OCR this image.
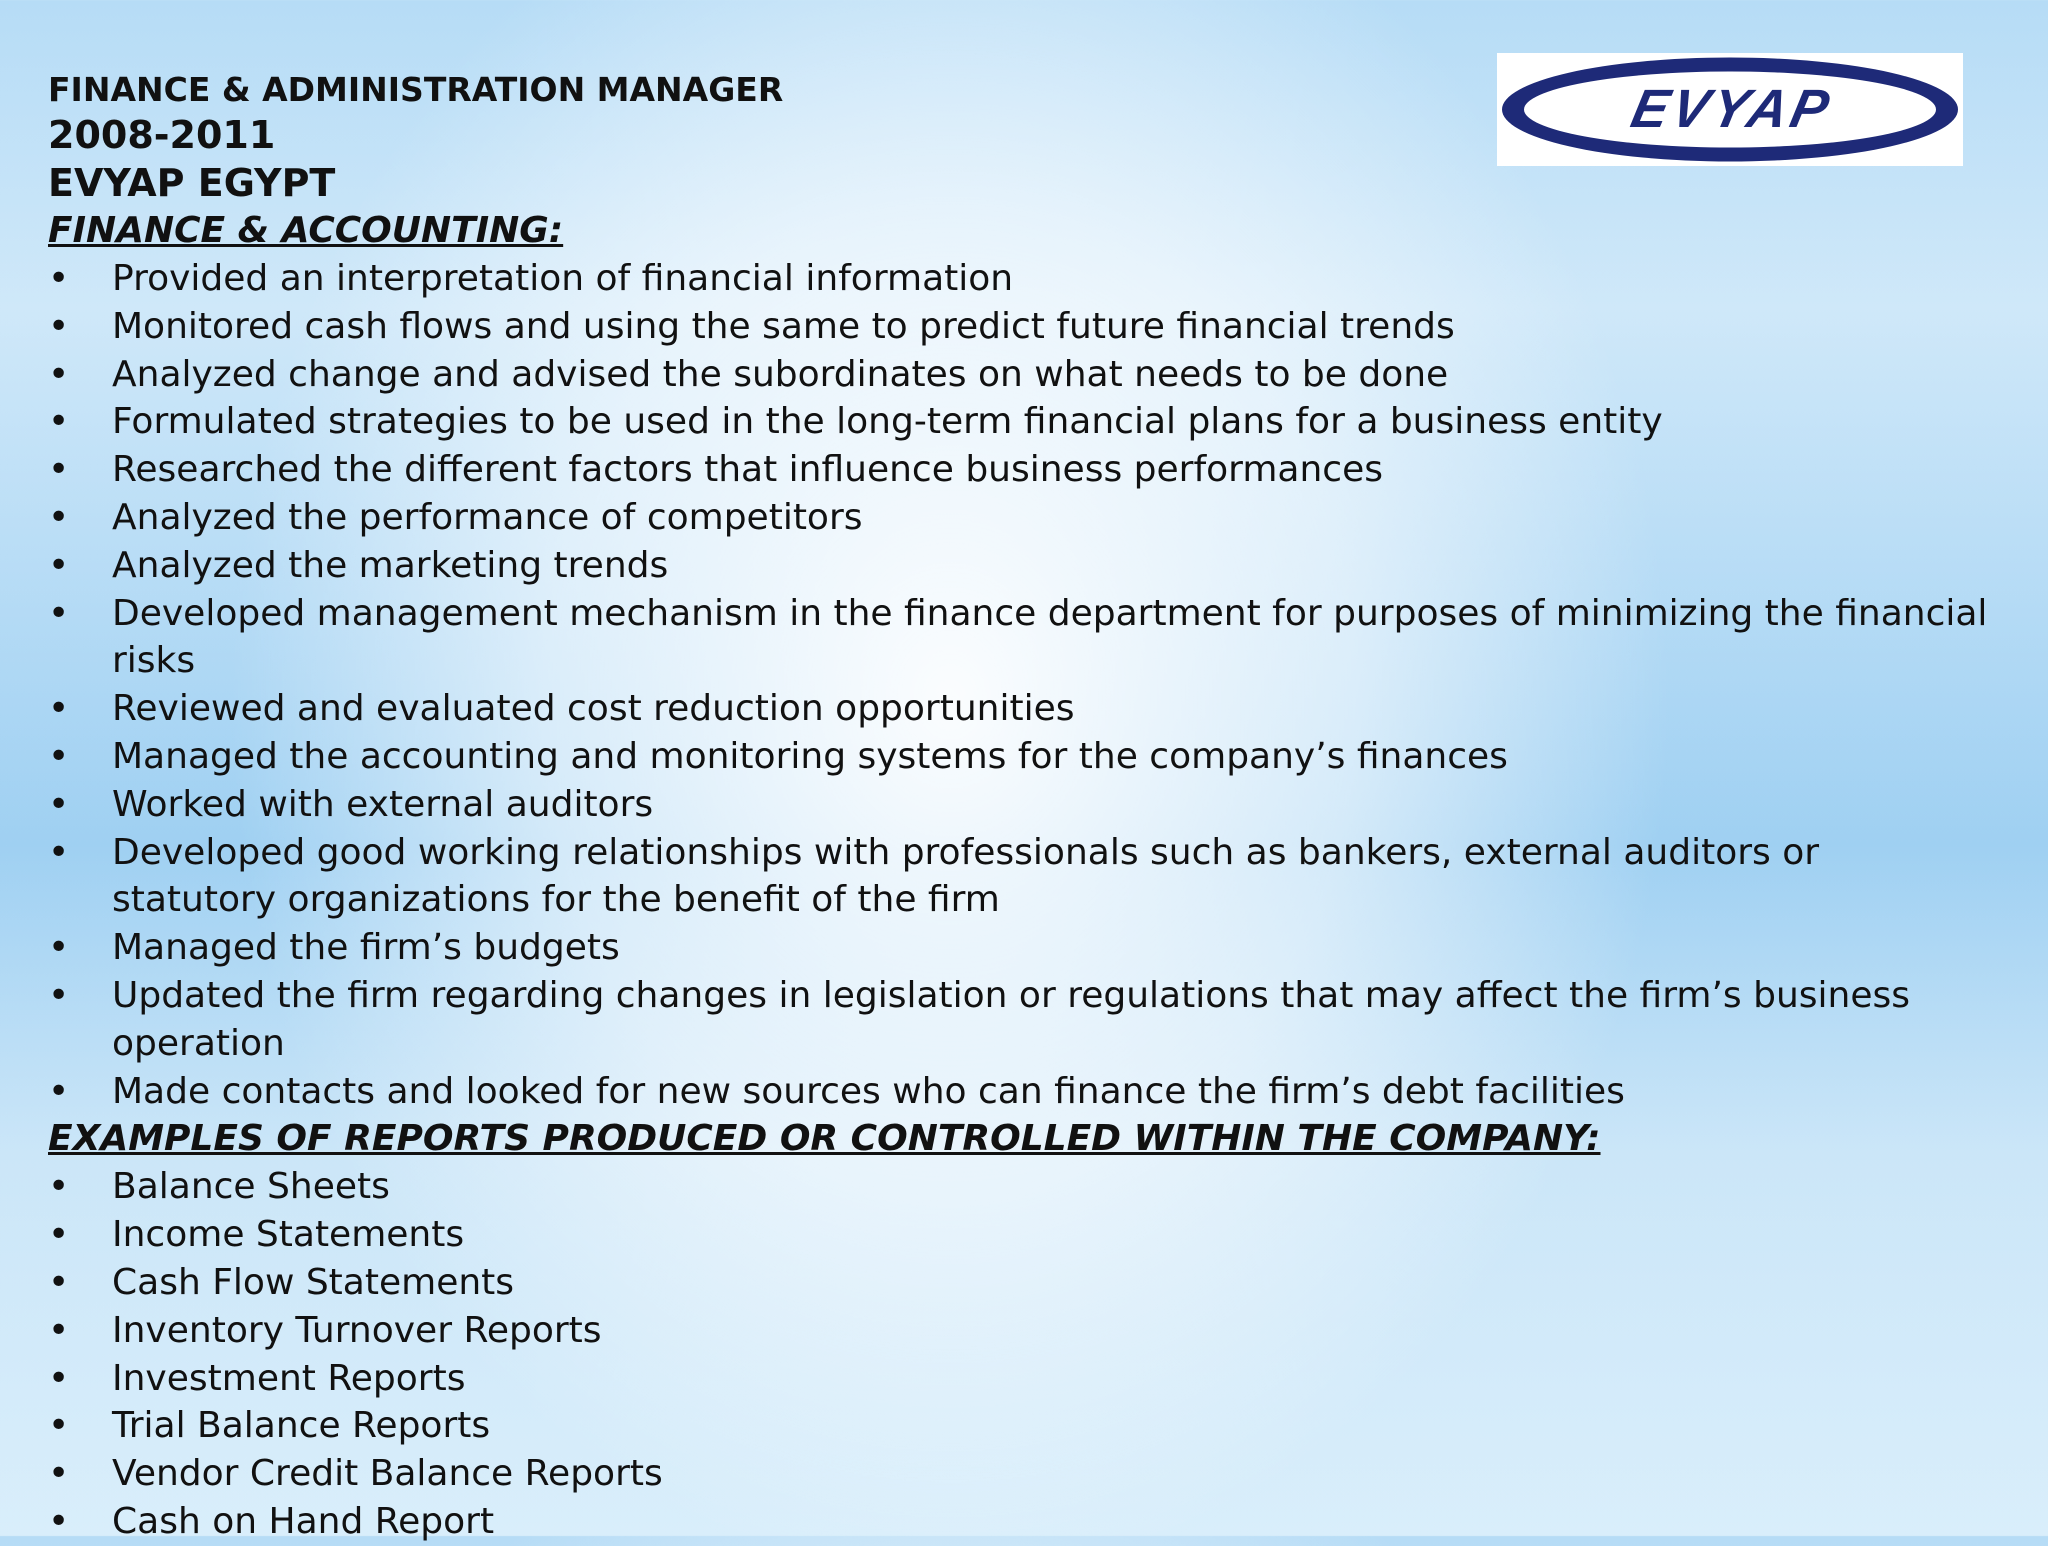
EVYAP
FINANCE & ADMINISTRATION MANAGER
2008-2011
EVYAP EGYPT
FINANCE & ACCOUNTING:
• Provided an interpretation of financial information
• Monitored cash flows and using the same to predict future financial trends
• Analyzed change and advised the subordinates on what needs to be done
• Formulated strategies to be used in the long-term financial plans for a business entity
• Researched the different factors that influence business performances
• Analyzed the performance of competitors
• Analyzed the marketing trends
• Developed management mechanism in the finance department for purposes of minimizing the financial risks
• Reviewed and evaluated cost reduction opportunities
• Managed the accounting and monitoring systems for the company’s finances
• Worked with external auditors
• Developed good working relationships with professionals such as bankers, external auditors or statutory organizations for the benefit of the firm
• Managed the firm’s budgets
• Updated the firm regarding changes in legislation or regulations that may affect the firm’s business operation
• Made contacts and looked for new sources who can finance the firm’s debt facilities
EXAMPLES OF REPORTS PRODUCED OR CONTROLLED WITHIN THE COMPANY:
• Balance Sheets
• Income Statements
• Cash Flow Statements
• Inventory Turnover Reports
• Investment Reports
• Trial Balance Reports
• Vendor Credit Balance Reports
• Cash on Hand Report
